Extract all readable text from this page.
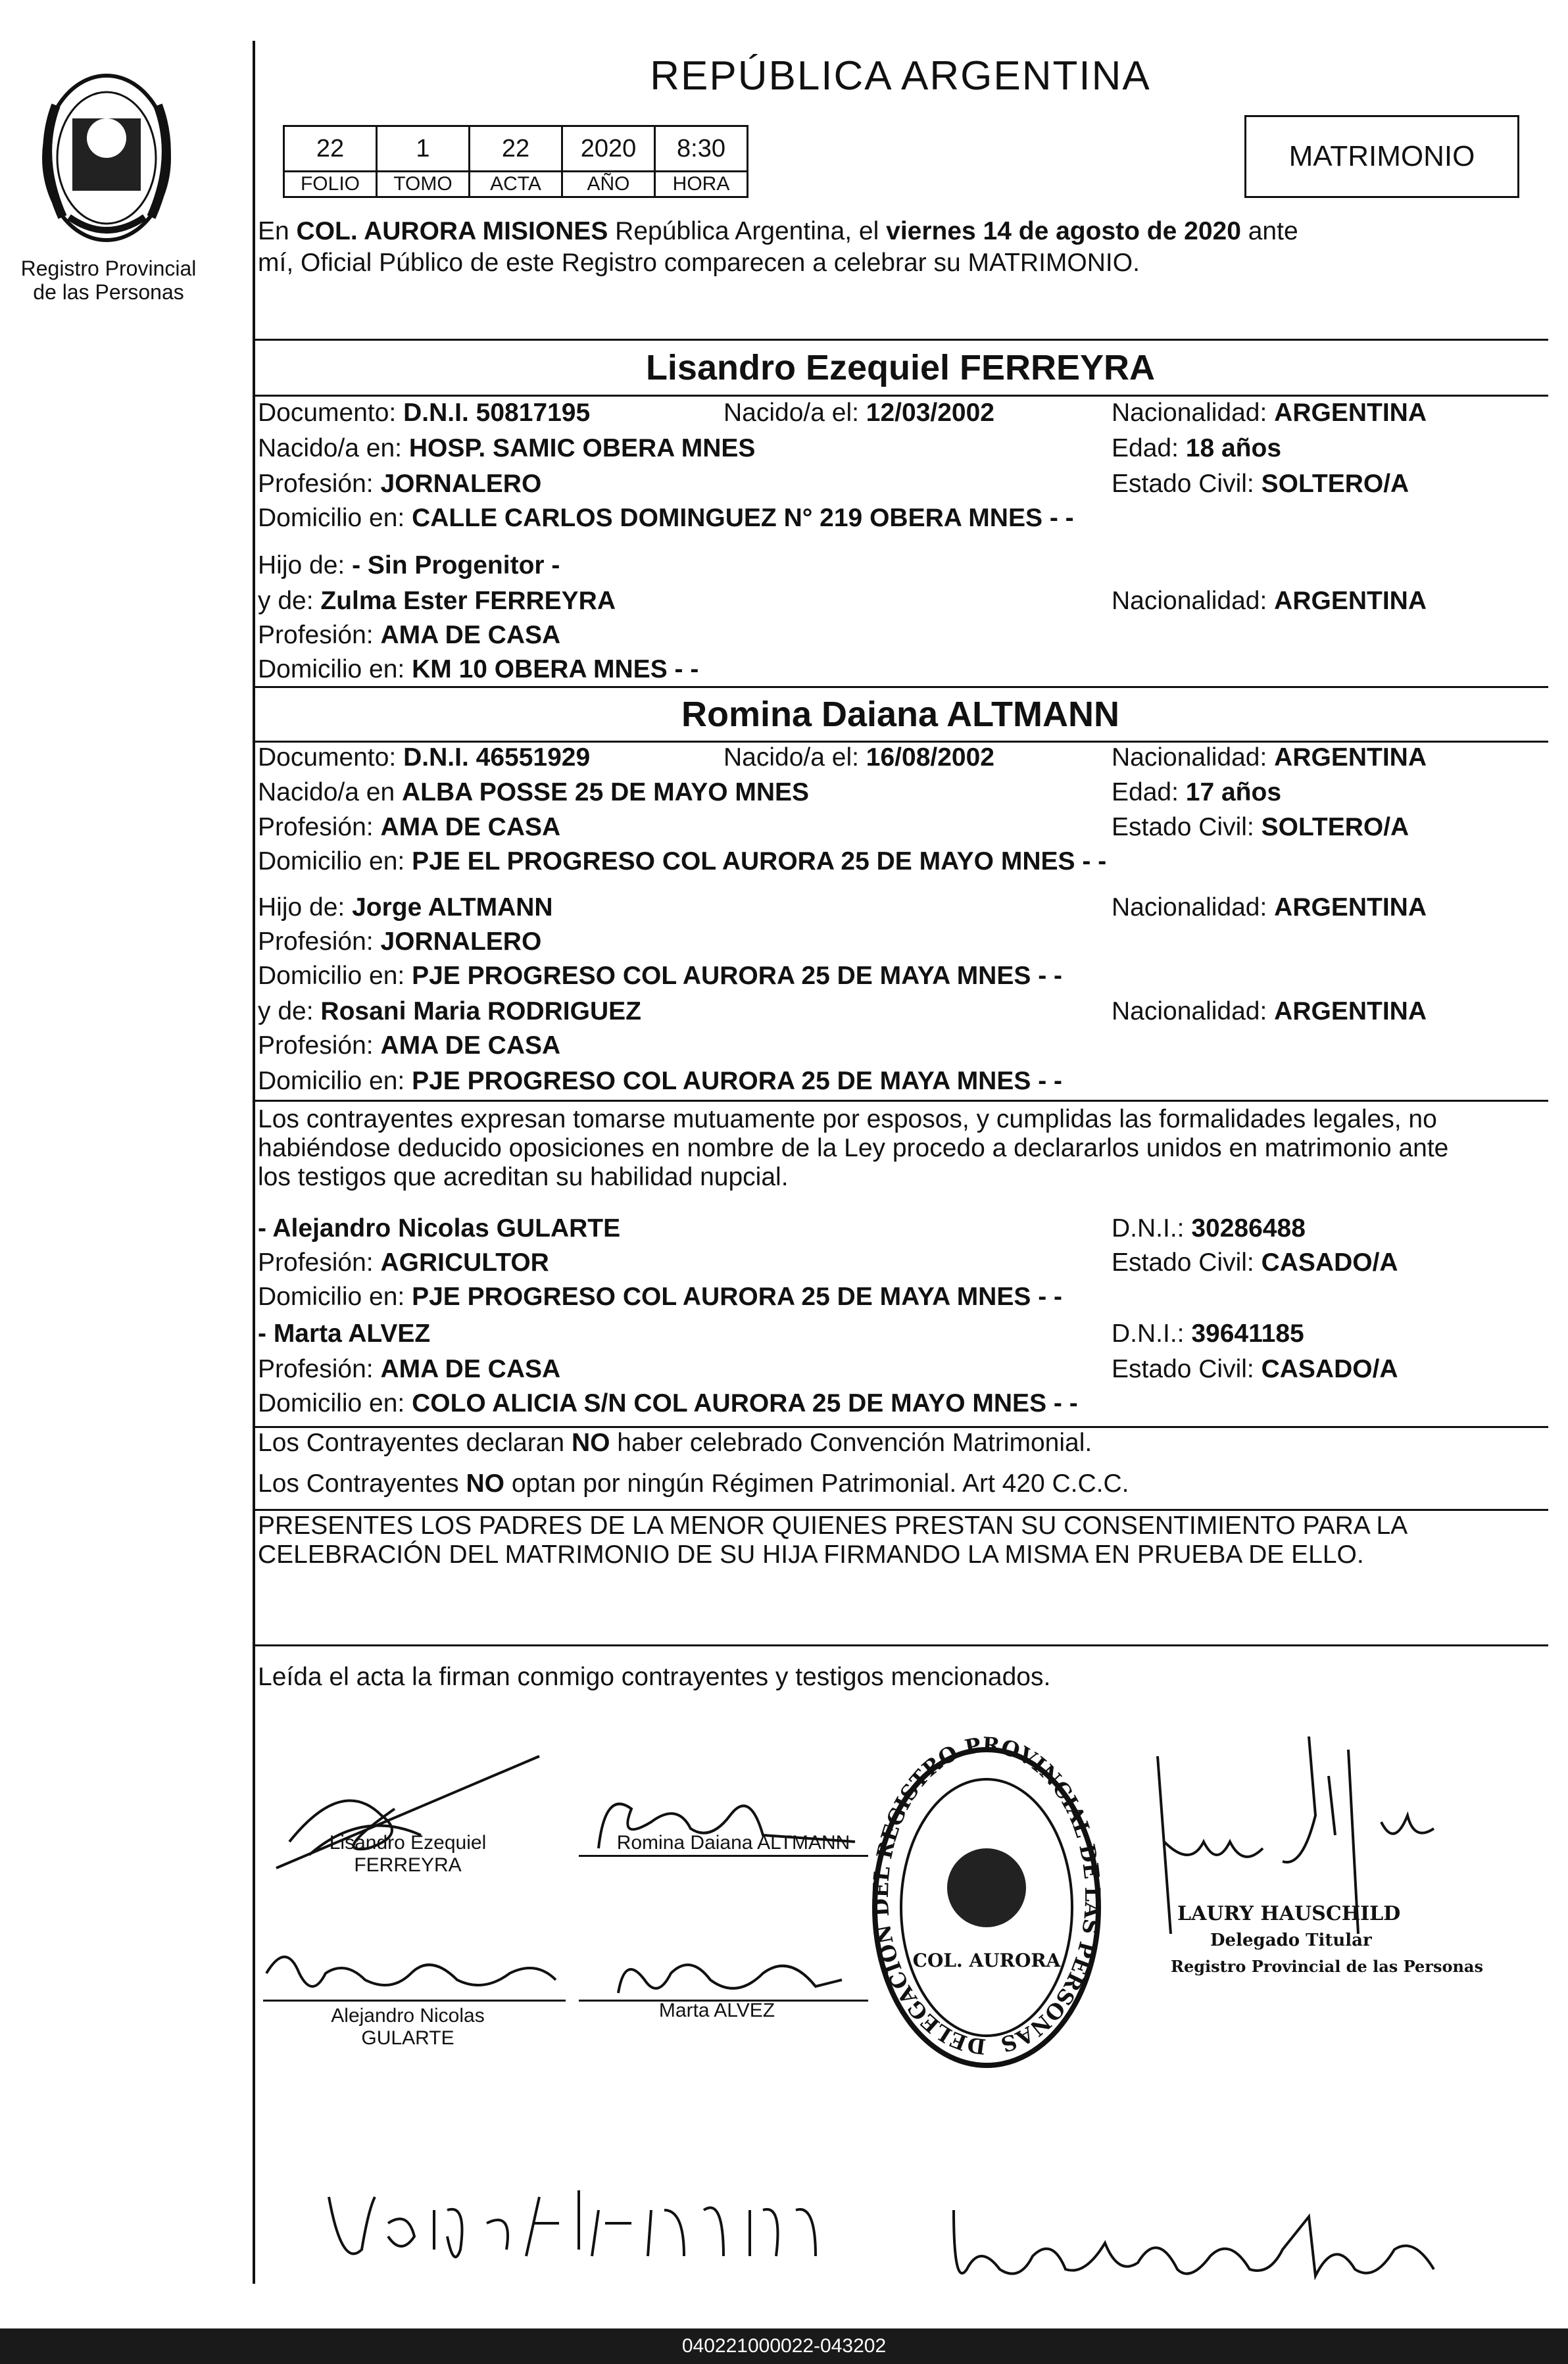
Registro Provincial
de las Personas
REPÚBLICA ARGENTINA
22	1	22	2020	8:30
FOLIO	TOMO	ACTA	AÑO	HORA
MATRIMONIO
En COL. AURORA MISIONES República Argentina, el viernes 14 de agosto de 2020 ante
mí, Oficial Público de este Registro comparecen a celebrar su MATRIMONIO.
Lisandro Ezequiel FERREYRA
Documento: D.N.I. 50817195	Nacido/a el: 12/03/2002	Nacionalidad: ARGENTINA
Nacido/a en: HOSP. SAMIC OBERA MNES	Edad: 18 años
Profesión: JORNALERO	Estado Civil: SOLTERO/A
Domicilio en: CALLE CARLOS DOMINGUEZ N° 219 OBERA MNES - -
Hijo de: - Sin Progenitor -
y de: Zulma Ester FERREYRA	Nacionalidad: ARGENTINA
Profesión: AMA DE CASA
Domicilio en: KM 10 OBERA MNES - -
Romina Daiana ALTMANN
Documento: D.N.I. 46551929	Nacido/a el: 16/08/2002	Nacionalidad: ARGENTINA
Nacido/a en ALBA POSSE 25 DE MAYO MNES	Edad: 17 años
Profesión: AMA DE CASA	Estado Civil: SOLTERO/A
Domicilio en: PJE EL PROGRESO COL AURORA 25 DE MAYO MNES - -
Hijo de: Jorge ALTMANN	Nacionalidad: ARGENTINA
Profesión: JORNALERO
Domicilio en: PJE PROGRESO COL AURORA 25 DE MAYA MNES - -
y de: Rosani Maria RODRIGUEZ	Nacionalidad: ARGENTINA
Profesión: AMA DE CASA
Domicilio en: PJE PROGRESO COL AURORA 25 DE MAYA MNES - -
Los contrayentes expresan tomarse mutuamente por esposos, y cumplidas las formalidades legales, no
habiéndose deducido oposiciones en nombre de la Ley procedo a declararlos unidos en matrimonio ante
los testigos que acreditan su habilidad nupcial.
- Alejandro Nicolas GULARTE	D.N.I.: 30286488
Profesión: AGRICULTOR	Estado Civil: CASADO/A
Domicilio en: PJE PROGRESO COL AURORA 25 DE MAYA MNES - -
- Marta ALVEZ	D.N.I.: 39641185
Profesión: AMA DE CASA	Estado Civil: CASADO/A
Domicilio en: COLO ALICIA S/N COL AURORA 25 DE MAYO MNES - -
Los Contrayentes declaran NO haber celebrado Convención Matrimonial.
Los Contrayentes NO optan por ningún Régimen Patrimonial. Art 420 C.C.C.
PRESENTES LOS PADRES DE LA MENOR QUIENES PRESTAN SU CONSENTIMIENTO PARA LA
CELEBRACIÓN DEL MATRIMONIO DE SU HIJA FIRMANDO LA MISMA EN PRUEBA DE ELLO.
Leída el acta la firman conmigo contrayentes y testigos mencionados.
Lisandro Ezequiel
FERREYRA
Romina Daiana ALTMANN
Alejandro Nicolas
GULARTE
Marta ALVEZ
DELEGACION DEL REGISTRO PROVINCIAL DE LAS PERSONAS
COL. AURORA
LAURY HAUSCHILD
Delegado Titular
Registro Provincial de las Personas
040221000022-043202
